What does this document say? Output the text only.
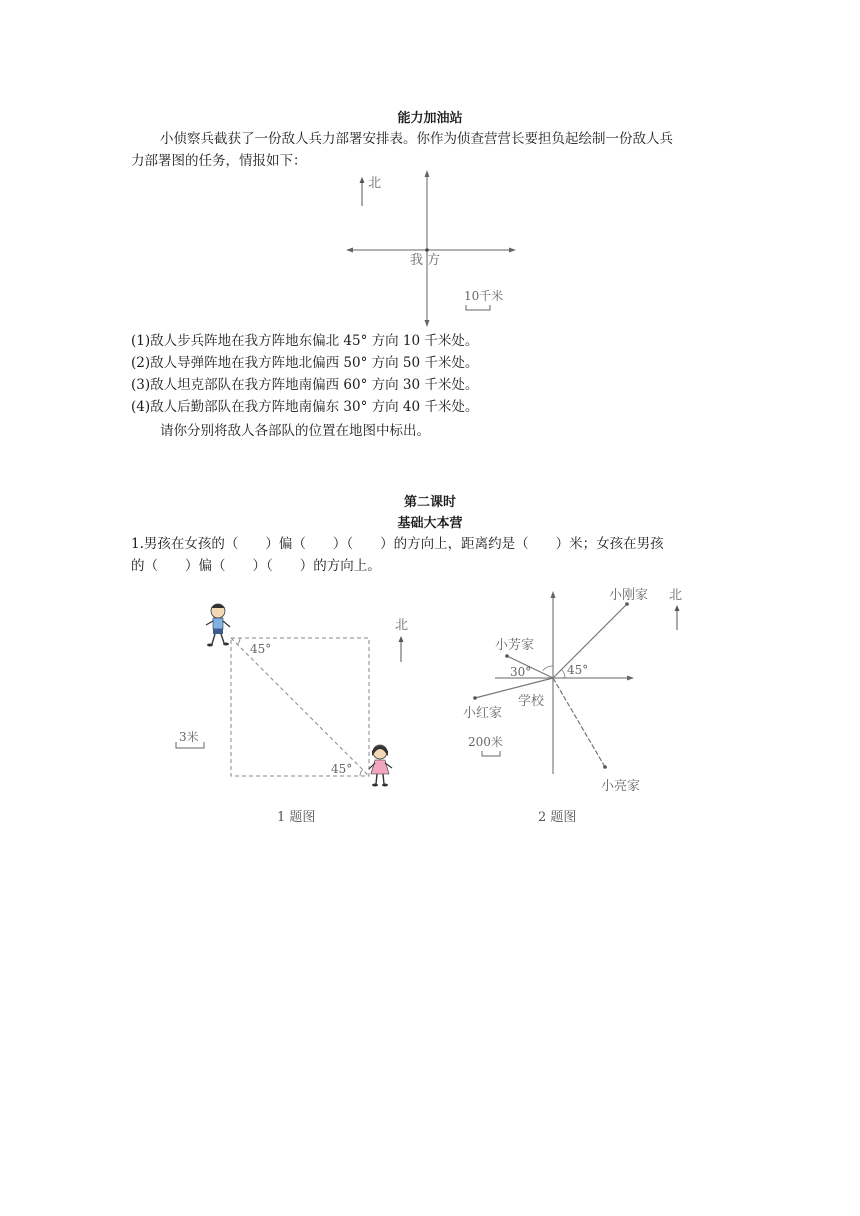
能力加油站
小侦察兵截获了一份敌人兵力部署安排表。你作为侦查营营长要担负起绘制一份敌人兵
力部署图的任务，情报如下：
北
我 方
10千米
(1)敌人步兵阵地在我方阵地东偏北 45° 方向 10 千米处。
(2)敌人导弹阵地在我方阵地北偏西 50° 方向 50 千米处。
(3)敌人坦克部队在我方阵地南偏西 60° 方向 30 千米处。
(4)敌人后勤部队在我方阵地南偏东 30° 方向 40 千米处。
请你分别将敌人各部队的位置在地图中标出。
第二课时
基础大本营
1.男孩在女孩的（　　）偏（　　）（　　）的方向上，距离约是（　　）米；女孩在男孩
的（　　）偏（　　）（　　）的方向上。
45°
45°
北
3米
1 题图
小刚家 北
小芳家
30°	45°
学校
小红家
200米
小亮家
2 题图
